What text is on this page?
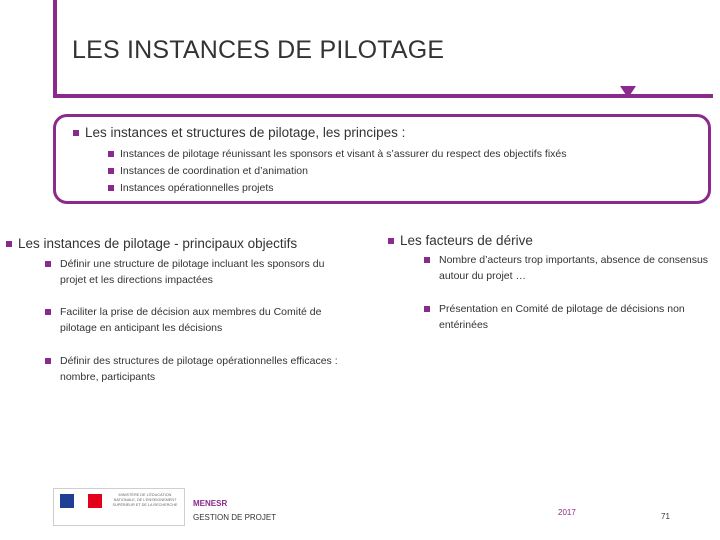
LES INSTANCES DE PILOTAGE
Les instances et structures de pilotage, les principes :
Instances de pilotage réunissant les sponsors et visant à s’assurer du respect des objectifs fixés
Instances de coordination et d’animation
Instances opérationnelles projets
Les instances de pilotage - principaux objectifs
Définir une structure de pilotage incluant les sponsors du projet et les directions impactées
Faciliter la prise de décision aux membres du Comité de pilotage en anticipant les décisions
Définir des structures de pilotage opérationnelles efficaces : nombre, participants
Les facteurs de dérive
Nombre d’acteurs trop importants, absence de consensus autour du projet …
Présentation en Comité de pilotage de décisions non entérinées
MINISTÈRE DE L’ÉDUCATION NATIONALE, DE L’ENSEIGNEMENT SUPÉRIEUR ET DE LA RECHERCHE MENESR
GESTION DE PROJET
2017	71
